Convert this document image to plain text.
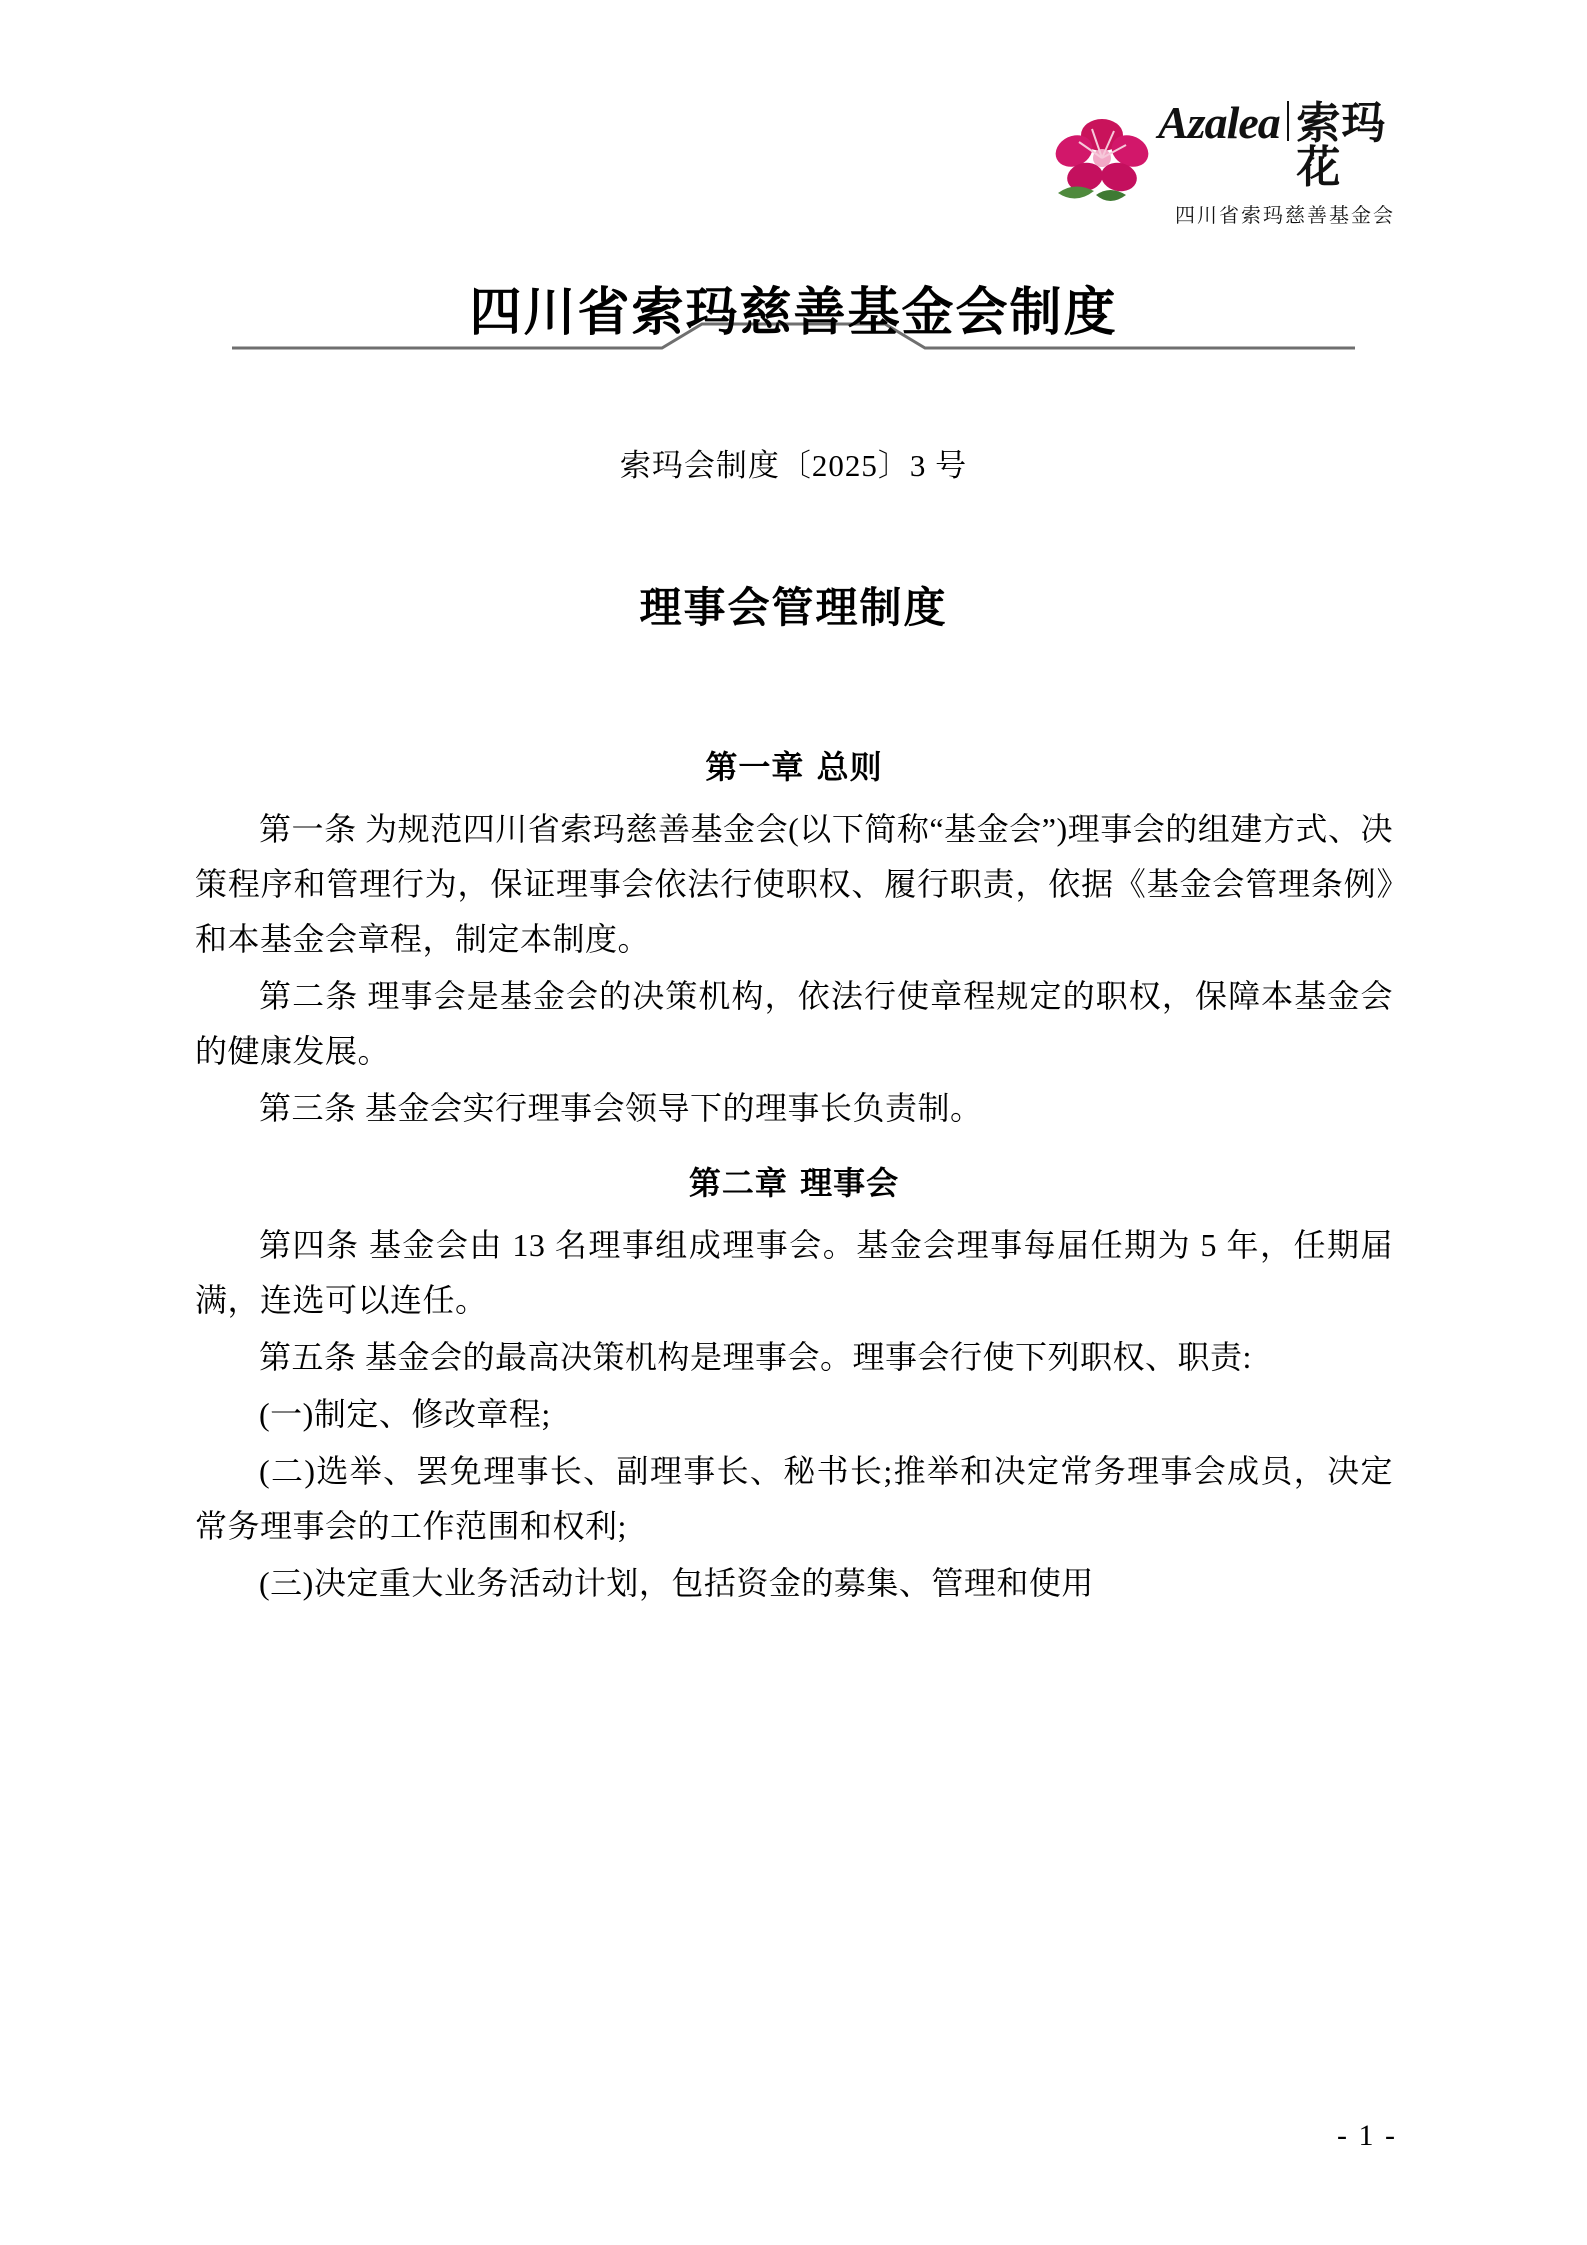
Azalea 索玛花
四川省索玛慈善基金会
四川省索玛慈善基金会制度
索玛会制度〔2025〕3 号
理事会管理制度
第一章 总则

第一条 为规范四川省索玛慈善基金会(以下简称“基金会”)理事会的组建方式、决策程序和管理行为，保证理事会依法行使职权、履行职责，依据《基金会管理条例》和本基金会章程，制定本制度。

第二条 理事会是基金会的决策机构，依法行使章程规定的职权，保障本基金会的健康发展。

第三条 基金会实行理事会领导下的理事长负责制。

第二章 理事会

第四条 基金会由 13 名理事组成理事会。基金会理事每届任期为 5 年，任期届满，连选可以连任。

第五条 基金会的最高决策机构是理事会。理事会行使下列职权、职责:

(一)制定、修改章程;

(二)选举、罢免理事长、副理事长、秘书长;推举和决定常务理事会成员，决定常务理事会的工作范围和权利;

(三)决定重大业务活动计划，包括资金的募集、管理和使用

- 1 -
